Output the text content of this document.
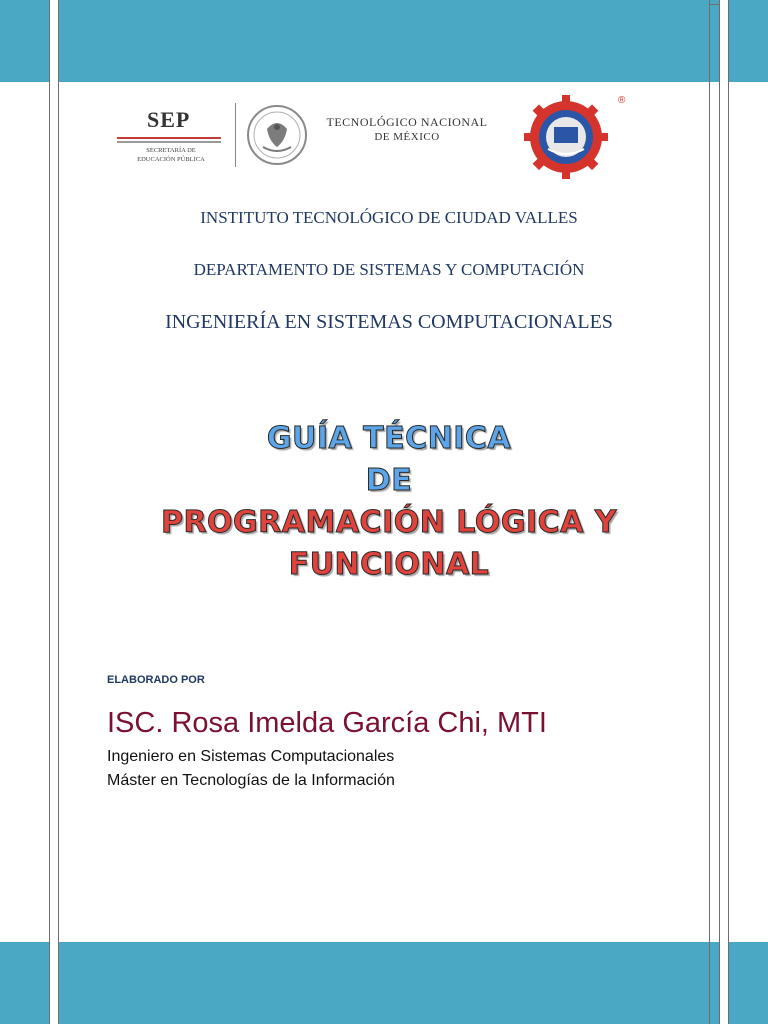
SEP
SECRETARÍA DE
EDUCACIÓN PÚBLICA
TECNOLÓGICO NACIONAL
DE MÉXICO
®
INSTITUTO TECNOLÓGICO DE CIUDAD VALLES
DEPARTAMENTO DE SISTEMAS Y COMPUTACIÓN
INGENIERÍA EN SISTEMAS COMPUTACIONALES
GUÍA TÉCNICA
DE
PROGRAMACIÓN LÓGICA Y
FUNCIONAL
ELABORADO POR
ISC. Rosa Imelda García Chi, MTI
Ingeniero en Sistemas Computacionales
Máster en Tecnologías de la Información
